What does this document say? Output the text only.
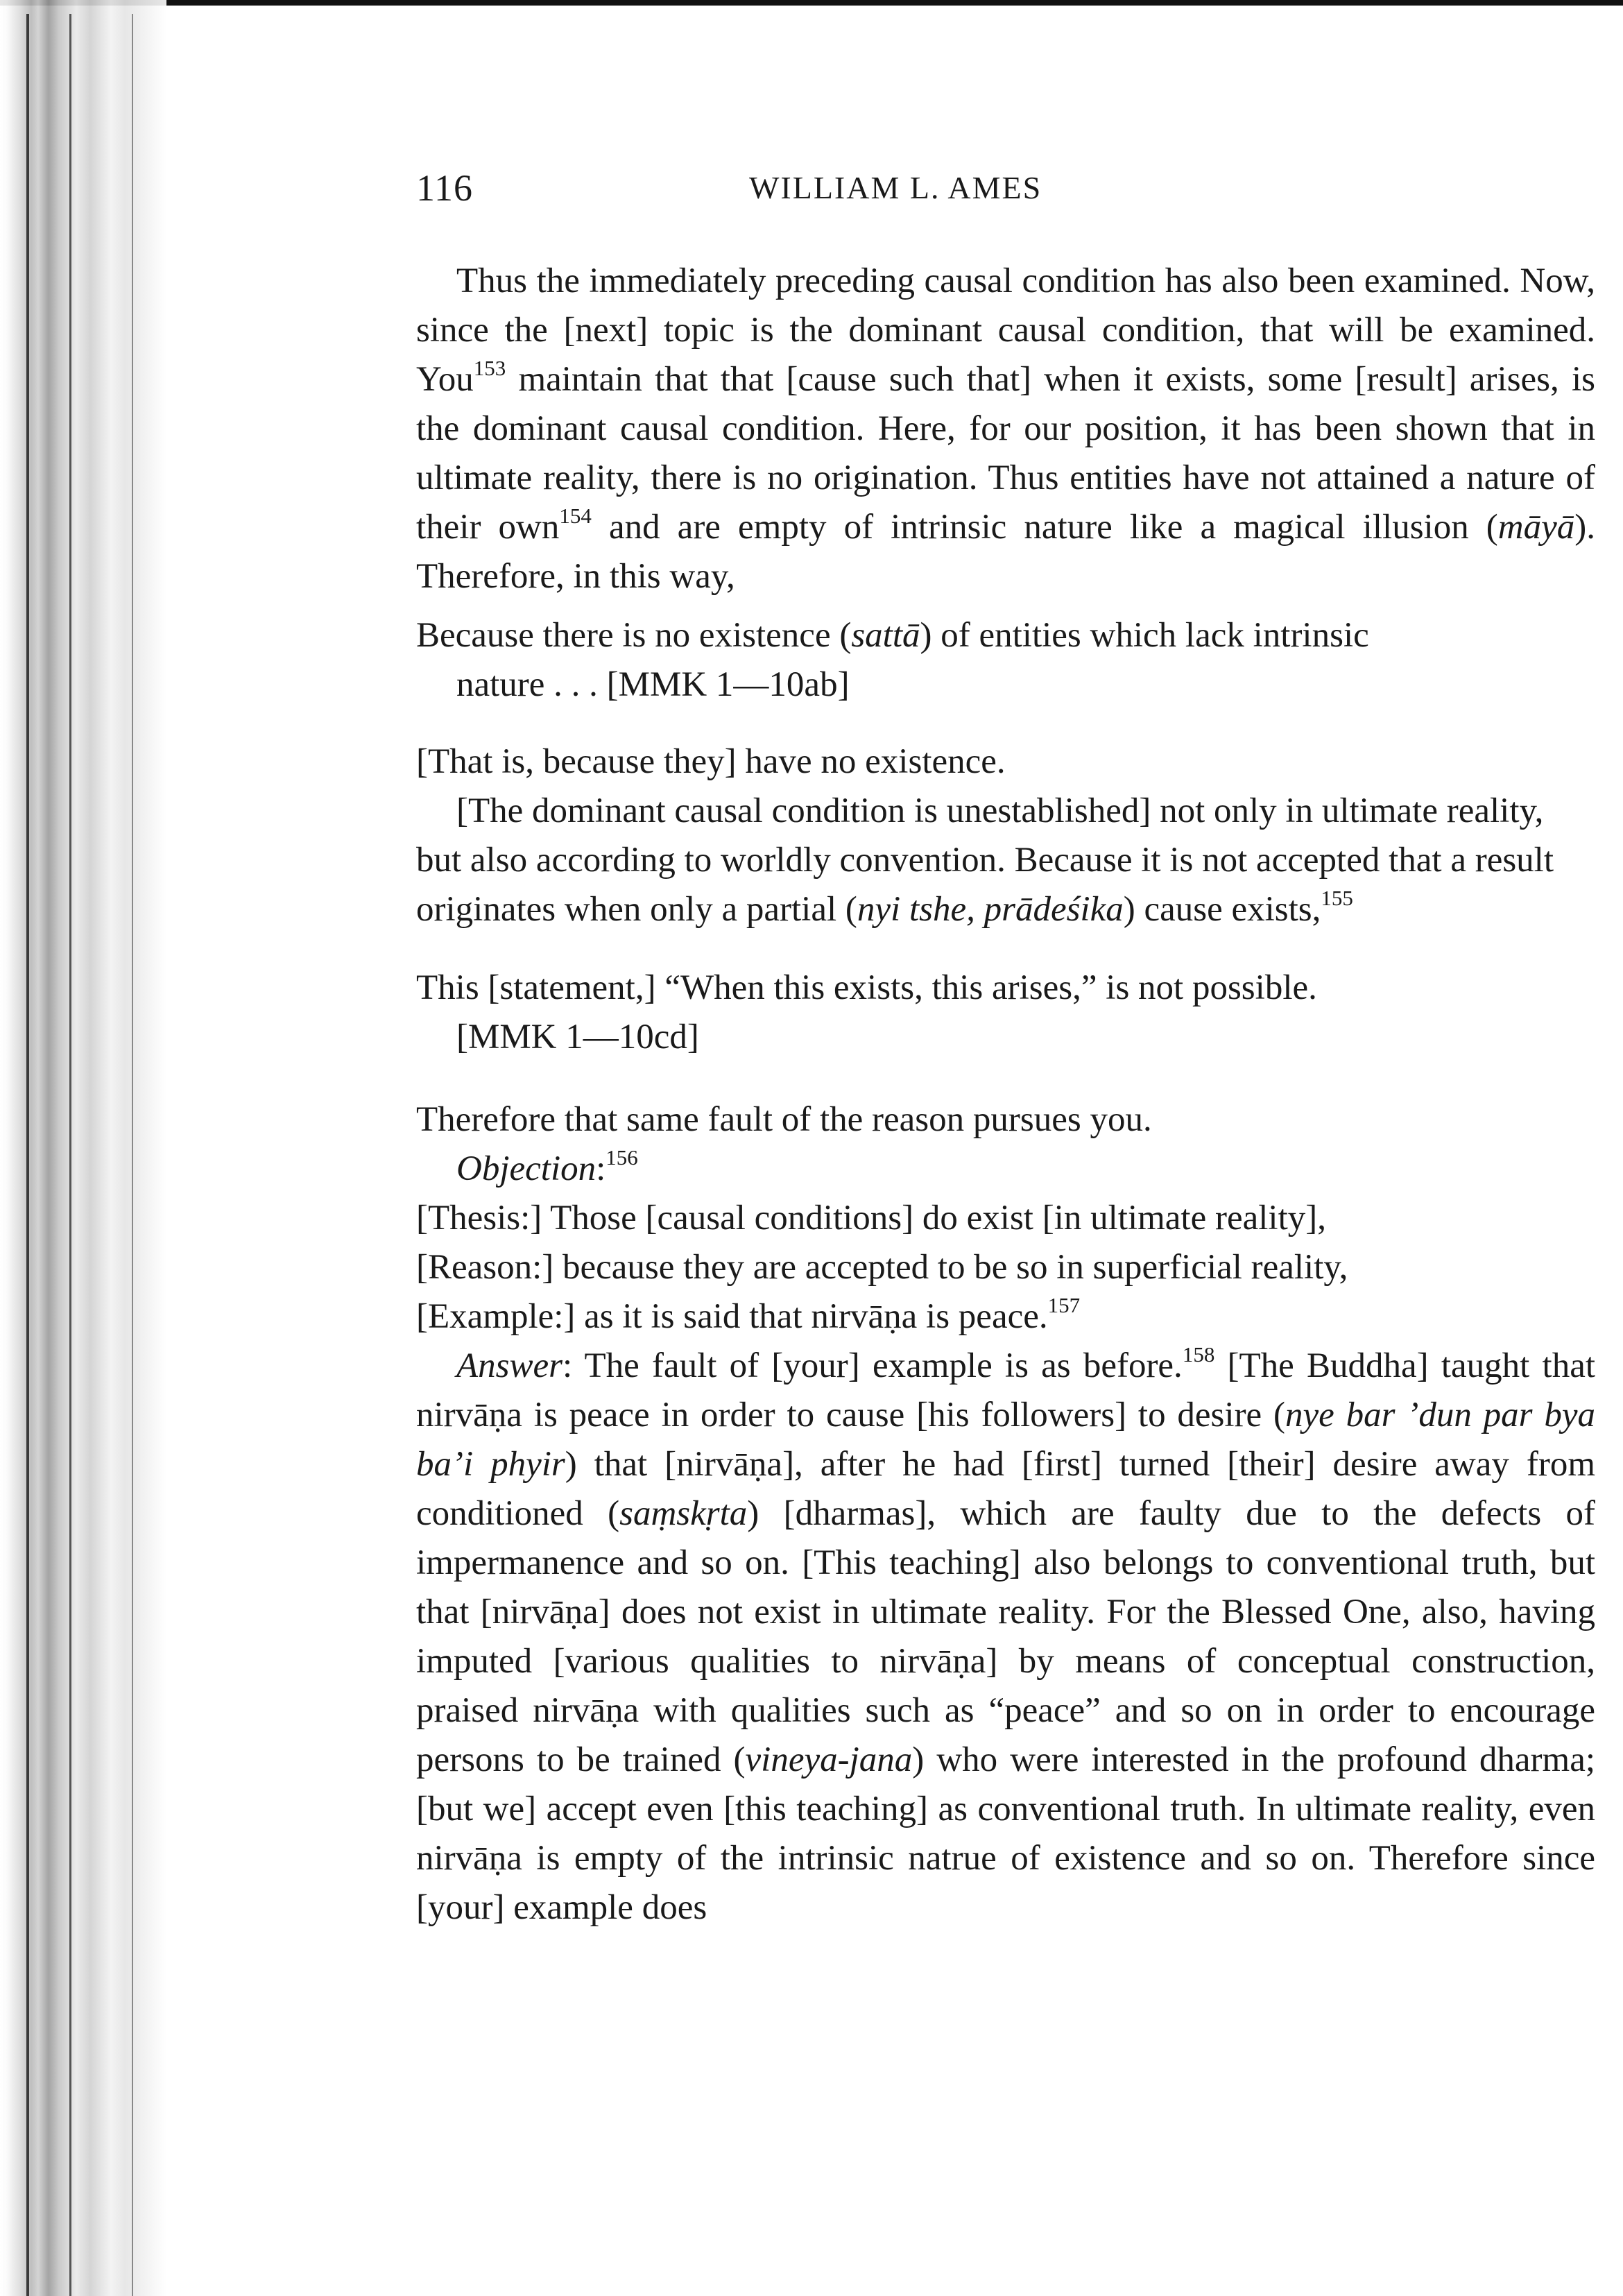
116	WILLIAM L. AMES

Thus the immediately preceding causal condition has also been examined. Now, since the [next] topic is the dominant causal condition, that will be examined. You$^{153}$ maintain that that [cause such that] when it exists, some [result] arises, is the dominant causal condition. Here, for our position, it has been shown that in ultimate reality, there is no origination. Thus entities have not attained a nature of their own$^{154}$ and are empty of intrinsic nature like a magical illusion (māyā). Therefore, in this way,

Because there is no existence (sattā) of entities which lack intrinsic
nature . . . [MMK 1—10ab]

[That is, because they] have no existence.

[The dominant causal condition is unestablished] not only in ultimate reality, but also according to worldly convention. Because it is not accepted that a result originates when only a partial (nyi tshe, prādeśika) cause exists,$^{155}$

This [statement,] “When this exists, this arises,” is not possible.
[MMK 1—10cd]

Therefore that same fault of the reason pursues you.

Objection:$^{156}$

[Thesis:] Those [causal conditions] do exist [in ultimate reality],

[Reason:] because they are accepted to be so in superficial reality,

[Example:] as it is said that nirvāṇa is peace.$^{157}$

Answer: The fault of [your] example is as before.$^{158}$ [The Buddha] taught that nirvāṇa is peace in order to cause [his followers] to desire (nye bar ’dun par bya ba’i phyir) that [nirvāṇa], after he had [first] turned [their] desire away from conditioned (saṃskṛta) [dharmas], which are faulty due to the defects of impermanence and so on. [This teaching] also belongs to conventional truth, but that [nirvāṇa] does not exist in ultimate reality. For the Blessed One, also, having imputed [various qualities to nirvāṇa] by means of conceptual construction, praised nirvāṇa with qualities such as “peace” and so on in order to encourage persons to be trained (vineya-jana) who were interested in the profound dharma; [but we] accept even [this teaching] as conventional truth. In ultimate reality, even nirvāṇa is empty of the intrinsic natrue of existence and so on. Therefore since [your] example does
